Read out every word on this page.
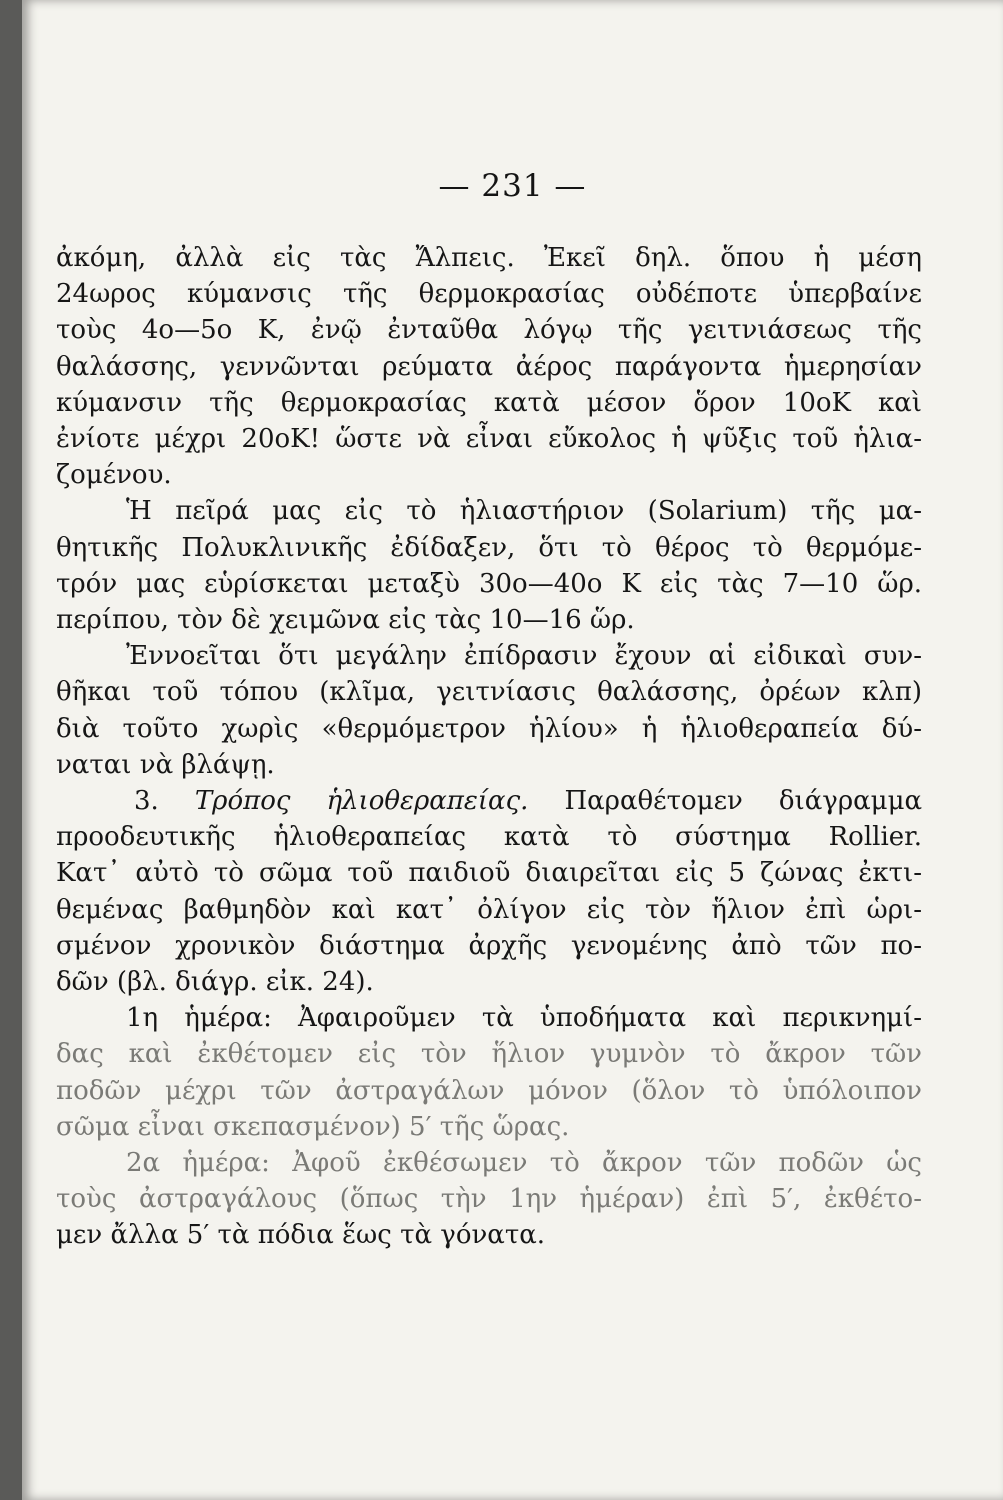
— 231 —
ἀκόμη, ἀλλὰ εἰς τὰς Ἄλπεις. Ἐκεῖ δηλ. ὅπου ἡ μέση
24ωρος κύμανσις τῆς θερμοκρασίας οὐδέποτε ὑπερβαίνε
τοὺς 4ο—5ο Κ, ἐνῷ ἐνταῦθα λόγῳ τῆς γειτνιάσεως τῆς
θαλάσσης, γεννῶνται ρεύματα ἀέρος παράγοντα ἡμερησίαν
κύμανσιν τῆς θερμοκρασίας κατὰ μέσον ὅρον 10οΚ καὶ
ἐνίοτε μέχρι 20οΚ! ὥστε νὰ εἶναι εὔκολος ἡ ψῦξις τοῦ ἡλια-
ζομένου.
Ἡ πεῖρά μας εἰς τὸ ἡλιαστήριον (Solarium) τῆς μα-
θητικῆς Πολυκλινικῆς ἐδίδαξεν, ὅτι τὸ θέρος τὸ θερμόμε-
τρόν μας εὑρίσκεται μεταξὺ 30ο—40ο Κ εἰς τὰς 7—10 ὥρ.
περίπου, τὸν δὲ χειμῶνα εἰς τὰς 10—16 ὥρ.
Ἐννοεῖται ὅτι μεγάλην ἐπίδρασιν ἔχουν αἱ εἰδικαὶ συν-
θῆκαι τοῦ τόπου (κλῖμα, γειτνίασις θαλάσσης, ὀρέων κλπ)
διὰ τοῦτο χωρὶς «θερμόμετρον ἡλίου» ἡ ἡλιοθεραπεία δύ-
ναται νὰ βλάψῃ.
3. Τρόπος ἡλιοθεραπείας. Παραθέτομεν διάγραμμα
προοδευτικῆς ἡλιοθεραπείας κατὰ τὸ σύστημα Rollier.
Κατ᾽ αὐτὸ τὸ σῶμα τοῦ παιδιοῦ διαιρεῖται εἰς 5 ζώνας ἐκτι-
θεμένας βαθμηδὸν καὶ κατ᾽ ὀλίγον εἰς τὸν ἥλιον ἐπὶ ὡρι-
σμένον χρονικὸν διάστημα ἀρχῆς γενομένης ἀπὸ τῶν πο-
δῶν (βλ. διάγρ. εἰκ. 24).
1η ἡμέρα: Ἀφαιροῦμεν τὰ ὑποδήματα καὶ περικνημί-
δας καὶ ἐκθέτομεν εἰς τὸν ἥλιον γυμνὸν τὸ ἄκρον τῶν
ποδῶν μέχρι τῶν ἀστραγάλων μόνον (ὅλον τὸ ὑπόλοιπον
σῶμα εἶναι σκεπασμένον) 5′ τῆς ὥρας.
2α ἡμέρα: Ἀφοῦ ἐκθέσωμεν τὸ ἄκρον τῶν ποδῶν ὡς
τοὺς ἀστραγάλους (ὅπως τὴν 1ην ἡμέραν) ἐπὶ 5′, ἐκθέτο-
μεν ἄλλα 5′ τὰ πόδια ἕως τὰ γόνατα.
